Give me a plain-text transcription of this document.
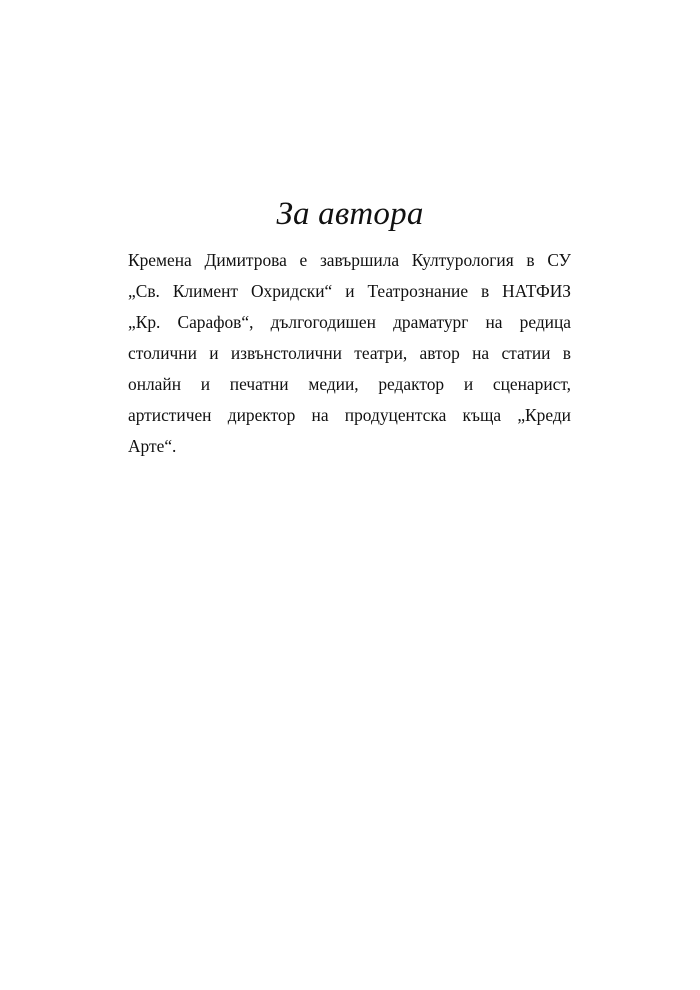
За автора
Кремена Димитрова е завършила Културология в СУ
„Св. Климент Охридски“ и Театрознание в НАТФИЗ
„Кр. Сарафов“, дългогодишен драматург на редица
столични и извънстолични театри, автор на статии в
онлайн и печатни медии, редактор и сценарист,
артистичен директор на продуцентска къща „Креди
Арте“.
